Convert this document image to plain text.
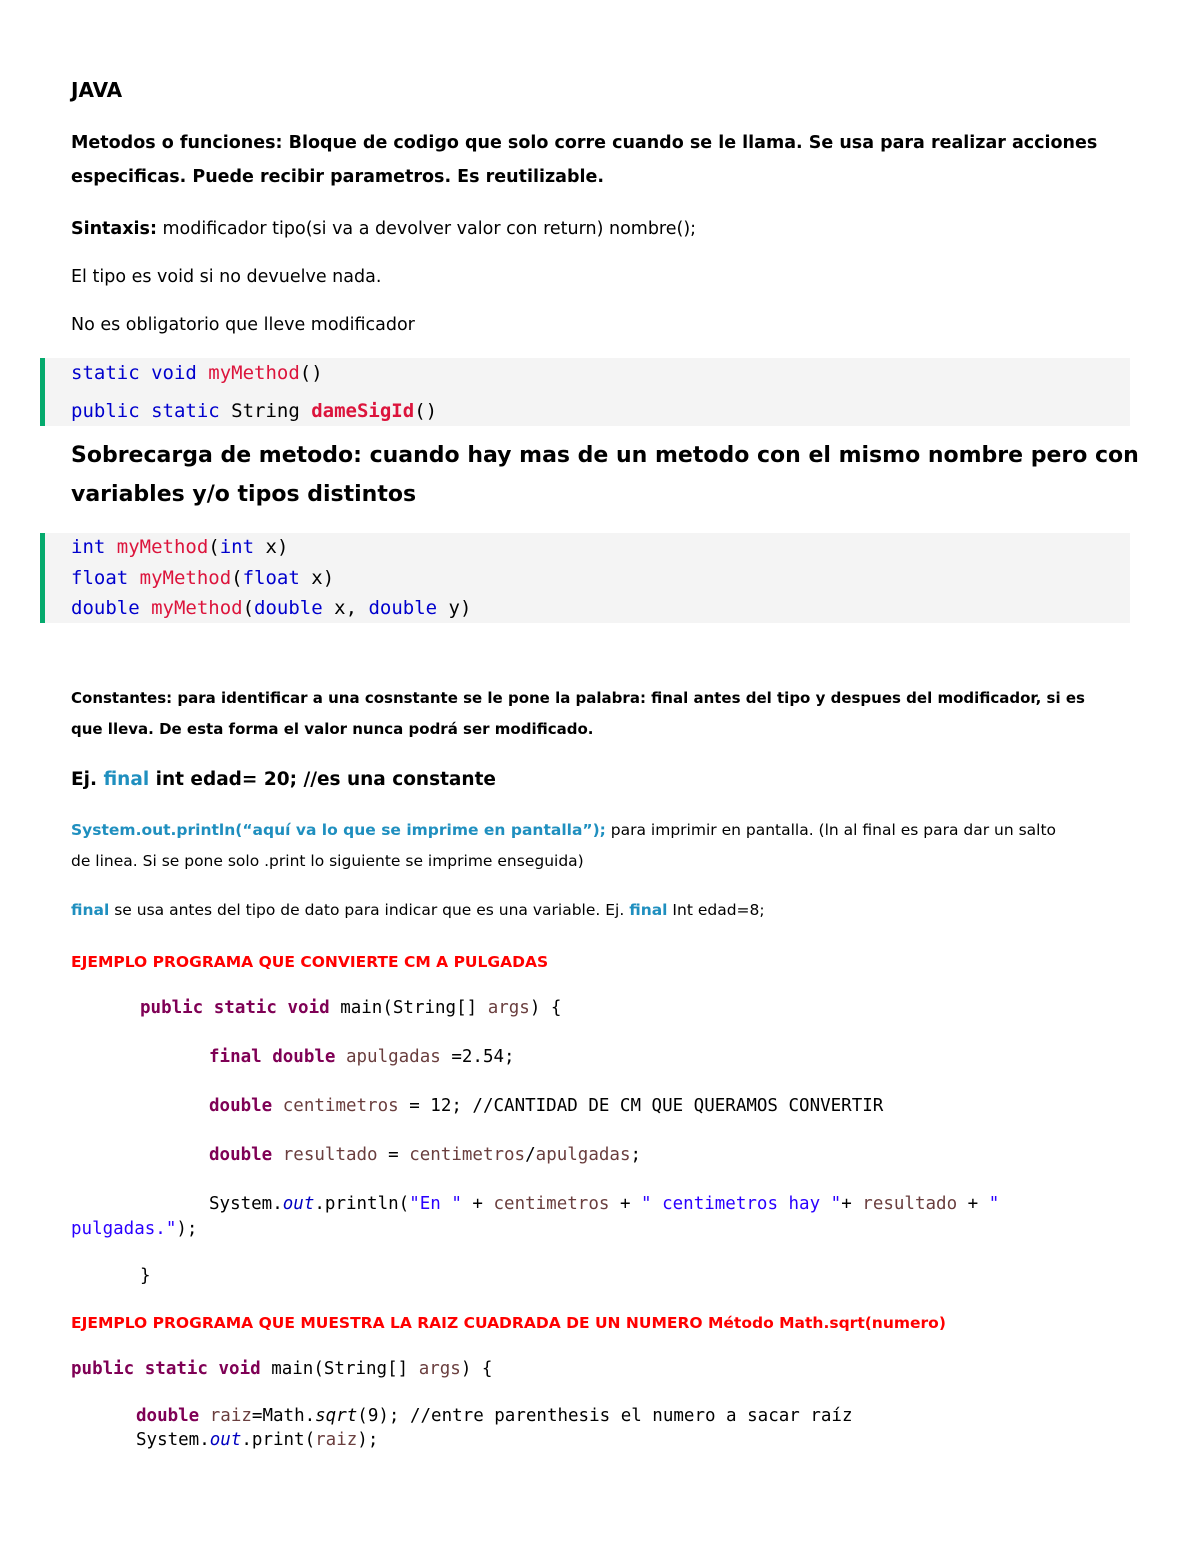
JAVA
Metodos o funciones: Bloque de codigo que solo corre cuando se le llama. Se usa para realizar acciones
especificas. Puede recibir parametros. Es reutilizable.
Sintaxis: modificador tipo(si va a devolver valor con return) nombre();
El tipo es void si no devuelve nada.
No es obligatorio que lleve modificador
static void myMethod()
public static String dameSigId()
Sobrecarga de metodo: cuando hay mas de un metodo con el mismo nombre pero con
variables y/o tipos distintos
int myMethod(int x)
float myMethod(float x)
double myMethod(double x, double y)
Constantes: para identificar a una cosnstante se le pone la palabra: final antes del tipo y despues del modificador, si es
que lleva. De esta forma el valor nunca podrá ser modificado.
Ej. final int edad= 20; //es una constante
System.out.println(“aquí va lo que se imprime en pantalla”); para imprimir en pantalla. (ln al final es para dar un salto
de linea. Si se pone solo .print lo siguiente se imprime enseguida)
final se usa antes del tipo de dato para indicar que es una variable. Ej. final Int edad=8;
EJEMPLO PROGRAMA QUE CONVIERTE CM A PULGADAS
public static void main(String[] args) {
final double apulgadas =2.54;
double centimetros = 12; //CANTIDAD DE CM QUE QUERAMOS CONVERTIR
double resultado = centimetros/apulgadas;
System.out.println("En " + centimetros + " centimetros hay "+ resultado + "
pulgadas.");
}
EJEMPLO PROGRAMA QUE MUESTRA LA RAIZ CUADRADA DE UN NUMERO Método Math.sqrt(numero)
public static void main(String[] args) {
double raiz=Math.sqrt(9); //entre parenthesis el numero a sacar raíz
System.out.print(raiz);
